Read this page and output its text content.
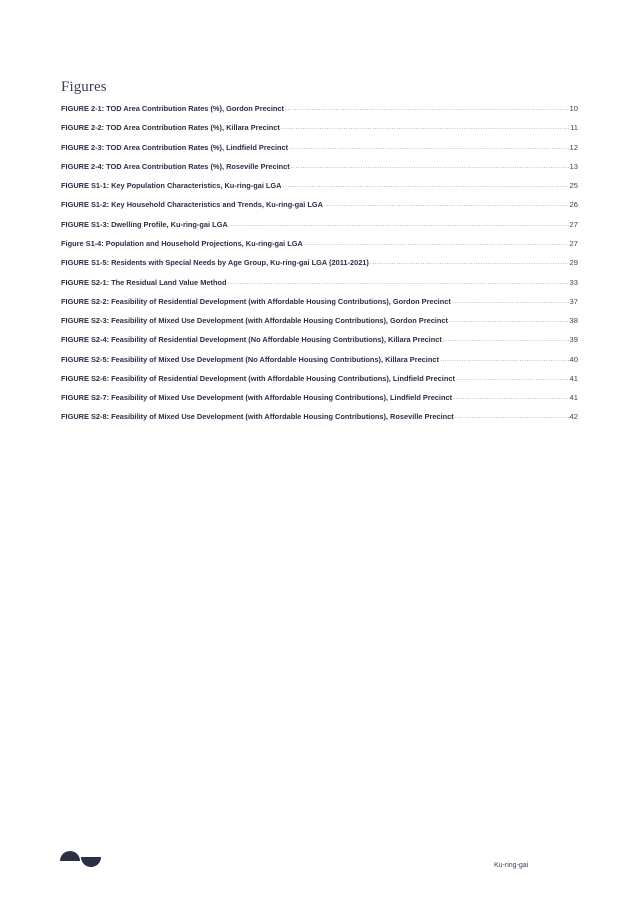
Figures
FIGURE 2-1: TOD Area Contribution Rates (%), Gordon Precinct .....	10
FIGURE 2-2: TOD Area Contribution Rates (%), Killara Precinct .....	11
FIGURE 2-3: TOD Area Contribution Rates (%), Lindfield Precinct .....	12
FIGURE 2-4: TOD Area Contribution Rates (%), Roseville Precinct .....	13
FIGURE S1-1: Key Population Characteristics, Ku-ring-gai LGA .....	25
FIGURE S1-2: Key Household Characteristics and Trends, Ku-ring-gai LGA .....	26
FIGURE S1-3: Dwelling Profile, Ku-ring-gai LGA .....	27
Figure S1-4: Population and Household Projections, Ku-ring-gai LGA .....	27
FIGURE S1-5: Residents with Special Needs by Age Group, Ku-ring-gai LGA (2011-2021) .....	29
FIGURE S2-1: The Residual Land Value Method .....	33
FIGURE S2-2: Feasibility of Residential Development (with Affordable Housing Contributions), Gordon Precinct .....	37
FIGURE S2-3: Feasibility of Mixed Use Development (with Affordable Housing Contributions), Gordon Precinct .....	38
FIGURE S2-4: Feasibility of Residential Development (No Affordable Housing Contributions), Killara Precinct .....	39
FIGURE S2-5: Feasibility of Mixed Use Development (No Affordable Housing Contributions), Killara Precinct .....	40
FIGURE S2-6: Feasibility of Residential Development (with Affordable Housing Contributions), Lindfield Precinct .....	41
FIGURE S2-7: Feasibility of Mixed Use Development (with Affordable Housing Contributions), Lindfield Precinct .....	41
FIGURE S2-8: Feasibility of Mixed Use Development (with Affordable Housing Contributions), Roseville Precinct .....	42
Ku-ring-gai
